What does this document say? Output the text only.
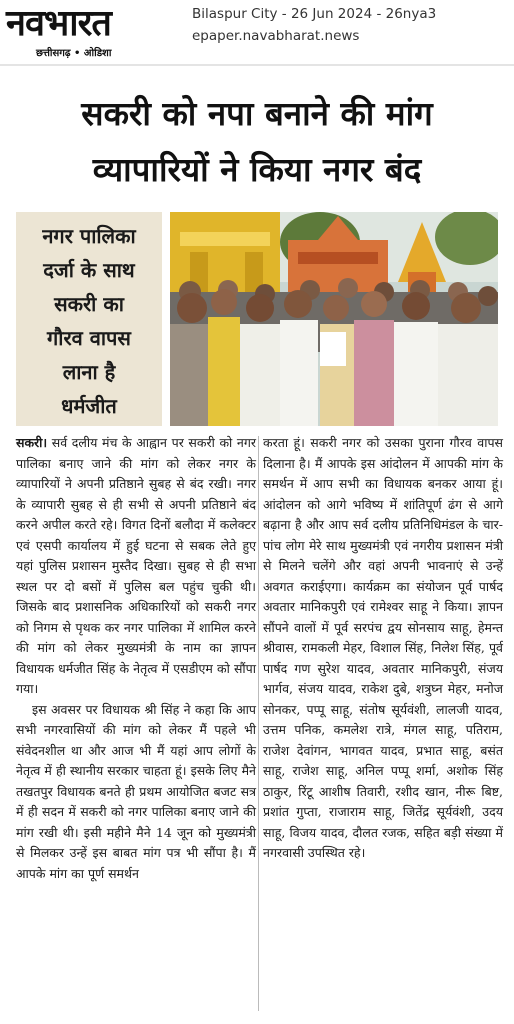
नवभारत
छत्तीसगढ़ • ओडिशा
Bilaspur City - 26 Jun 2024 - 26nya3
epaper.navabharat.news
सकरी को नपा बनाने की मांग
व्यापारियों ने किया नगर बंद
नगर पालिका
दर्जा के साथ
सकरी का
गौरव वापस
लाना है
धर्मजीत

सकरी। सर्व दलीय मंच के आह्वान पर सकरी को नगर पालिका बनाए जाने की मांग को लेकर नगर के व्यापारियों ने अपनी प्रतिष्ठाने सुबह से बंद रखी। नगर के व्यापारी सुबह से ही सभी से अपनी प्रतिष्ठाने बंद करने अपील करते रहे। विगत दिनों बलौदा में कलेक्टर एवं एसपी कार्यालय में हुई घटना से सबक लेते हुए यहां पुलिस प्रशासन मुस्तैद दिखा। सुबह से ही सभा स्थल पर दो बसों में पुलिस बल पहुंच चुकी थी। जिसके बाद प्रशासनिक अधिकारियों को सकरी नगर को निगम से पृथक कर नगर पालिका में शामिल करने की मांग को लेकर मुख्यमंत्री के नाम का ज्ञापन विधायक धर्मजीत सिंह के नेतृत्व में एसडीएम को सौंपा गया।

इस अवसर पर विधायक श्री सिंह ने कहा कि आप सभी नगरवासियों की मांग को लेकर मैं पहले भी संवेदनशील था और आज भी मैं यहां आप लोगों के नेतृत्व में ही स्थानीय सरकार चाहता हूं। इसके लिए मैने तखतपुर विधायक बनते ही प्रथम आयोजित बजट सत्र में ही सदन में सकरी को नगर पालिका बनाए जाने की मांग रखी थी। इसी महीने मैने 14 जून को मुख्यमंत्री से मिलकर उन्हें इस बाबत मांग पत्र भी सौंपा है। मैं आपके मांग का पूर्ण समर्थन

करता हूं। सकरी नगर को उसका पुराना गौरव वापस दिलाना है। मैं आपके इस आंदोलन में आपकी मांग के समर्थन में आप सभी का विधायक बनकर आया हूं। आंदोलन को आगे भविष्य में शांतिपूर्ण ढंग से आगे बढ़ाना है और आप सर्व दलीय प्रतिनिधिमंडल के चार-पांच लोग मेरे साथ मुख्यमंत्री एवं नगरीय प्रशासन मंत्री से मिलने चलेंगे और वहां अपनी भावनाएं से उन्हें अवगत कराईएगा। कार्यक्रम का संयोजन पूर्व पार्षद अवतार मानिकपुरी एवं रामेश्वर साहू ने किया। ज्ञापन सौंपने वालों में पूर्व सरपंच द्वय सोनसाय साहू, हेमन्त श्रीवास, रामकली मेहर, विशाल सिंह, निलेश सिंह, पूर्व पार्षद गण सुरेश यादव, अवतार मानिकपुरी, संजय भार्गव, संजय यादव, राकेश दुबे, शत्रुघ्न मेहर, मनोज सोनकर, पप्पू साहू, संतोष सूर्यवंशी, लालजी यादव, उत्तम पनिक, कमलेश रात्रे, मंगल साहू, पतिराम, राजेश देवांगन, भागवत यादव, प्रभात साहू, बसंत साहू, राजेश साहू, अनिल पप्पू शर्मा, अशोक सिंह ठाकुर, रिंटू आशीष तिवारी, रशीद खान, नीरू बिष्ट, प्रशांत गुप्ता, राजाराम साहू, जितेंद्र सूर्यवंशी, उदय साहू, विजय यादव, दौलत रजक, सहित बड़ी संख्या में नगरवासी उपस्थित रहे।
